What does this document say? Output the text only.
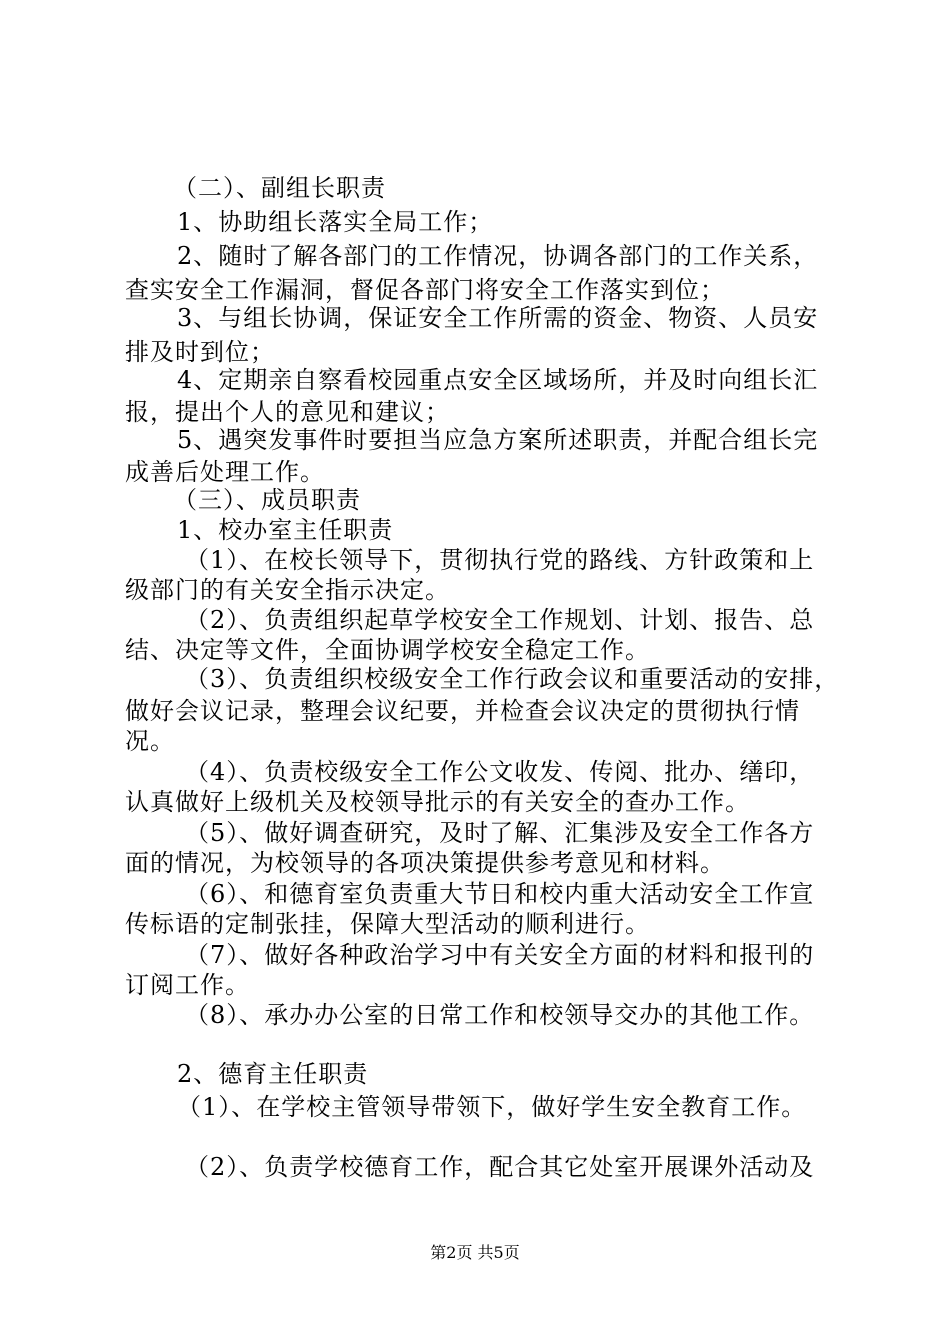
（二）、副组长职责
1、协助组长落实全局工作；
2、随时了解各部门的工作情况，协调各部门的工作关系，
查实安全工作漏洞，督促各部门将安全工作落实到位；
3、与组长协调，保证安全工作所需的资金、物资、人员安
排及时到位；
4、定期亲自察看校园重点安全区域场所，并及时向组长汇
报，提出个人的意见和建议；
5、遇突发事件时要担当应急方案所述职责，并配合组长完
成善后处理工作。
（三）、成员职责
1、校办室主任职责
（1）、在校长领导下，贯彻执行党的路线、方针政策和上
级部门的有关安全指示决定。
（2）、负责组织起草学校安全工作规划、计划、报告、总
结、决定等文件，全面协调学校安全稳定工作。
（3）、负责组织校级安全工作行政会议和重要活动的安排，
做好会议记录，整理会议纪要，并检查会议决定的贯彻执行情
况。
（4）、负责校级安全工作公文收发、传阅、批办、缮印，
认真做好上级机关及校领导批示的有关安全的查办工作。
（5）、做好调查研究，及时了解、汇集涉及安全工作各方
面的情况，为校领导的各项决策提供参考意见和材料。
（6）、和德育室负责重大节日和校内重大活动安全工作宣
传标语的定制张挂，保障大型活动的顺利进行。
（7）、做好各种政治学习中有关安全方面的材料和报刊的
订阅工作。
（8）、承办办公室的日常工作和校领导交办的其他工作。
2、德育主任职责
（1）、在学校主管领导带领下，做好学生安全教育工作。
（2）、负责学校德育工作，配合其它处室开展课外活动及
第2页 共5页
